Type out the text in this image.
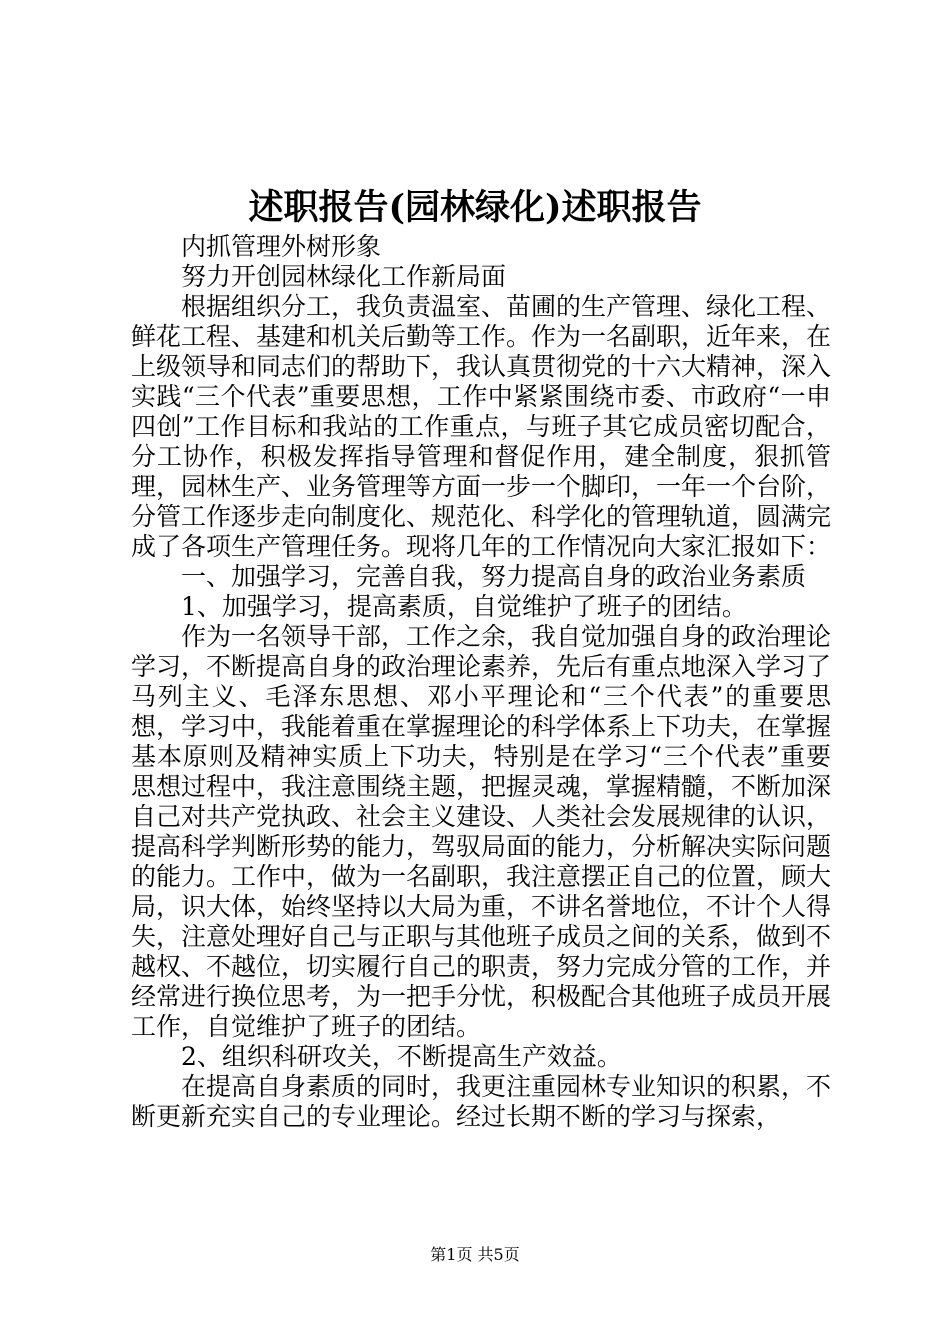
述职报告(园林绿化)述职报告

内抓管理外树形象

努力开创园林绿化工作新局面

根据组织分工，我负责温室、苗圃的生产管理、绿化工程、鲜花工程、基建和机关后勤等工作。作为一名副职，近年来，在上级领导和同志们的帮助下，我认真贯彻党的十六大精神，深入实践“三个代表”重要思想，工作中紧紧围绕市委、市政府“一申四创”工作目标和我站的工作重点，与班子其它成员密切配合，分工协作，积极发挥指导管理和督促作用，建全制度，狠抓管理，园林生产、业务管理等方面一步一个脚印，一年一个台阶，分管工作逐步走向制度化、规范化、科学化的管理轨道，圆满完成了各项生产管理任务。现将几年的工作情况向大家汇报如下：

一、加强学习，完善自我，努力提高自身的政治业务素质

1、加强学习，提高素质，自觉维护了班子的团结。

作为一名领导干部，工作之余，我自觉加强自身的政治理论学习，不断提高自身的政治理论素养，先后有重点地深入学习了马列主义、毛泽东思想、邓小平理论和“三个代表”的重要思想，学习中，我能着重在掌握理论的科学体系上下功夫，在掌握基本原则及精神实质上下功夫，特别是在学习“三个代表”重要思想过程中，我注意围绕主题，把握灵魂，掌握精髓，不断加深自己对共产党执政、社会主义建设、人类社会发展规律的认识，提高科学判断形势的能力，驾驭局面的能力，分析解决实际问题的能力。工作中，做为一名副职，我注意摆正自己的位置，顾大局，识大体，始终坚持以大局为重，不讲名誉地位，不计个人得失，注意处理好自己与正职与其他班子成员之间的关系，做到不越权、不越位，切实履行自己的职责，努力完成分管的工作，并经常进行换位思考，为一把手分忧，积极配合其他班子成员开展工作，自觉维护了班子的团结。

2、组织科研攻关，不断提高生产效益。

在提高自身素质的同时，我更注重园林专业知识的积累，不断更新充实自己的专业理论。经过长期不断的学习与探索，

第1页 共5页
